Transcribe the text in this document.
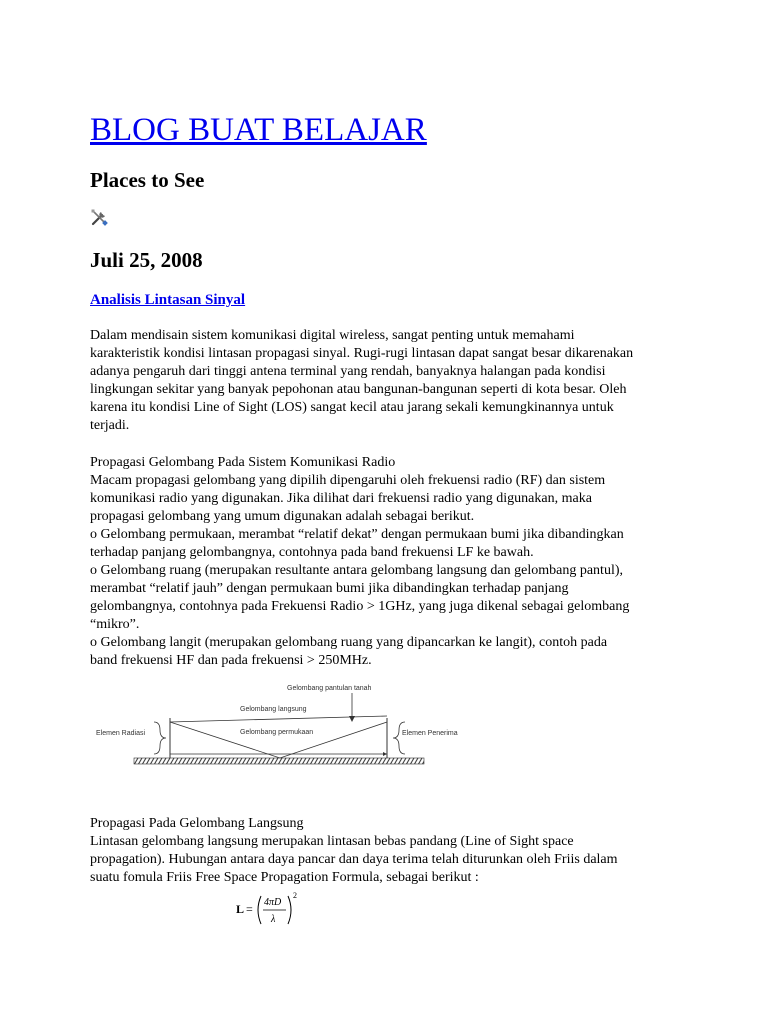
BLOG BUAT BELAJAR
Places to See
Juli 25, 2008
Analisis Lintasan Sinyal
Dalam mendisain sistem komunikasi digital wireless, sangat penting untuk memahami
karakteristik kondisi lintasan propagasi sinyal. Rugi-rugi lintasan dapat sangat besar dikarenakan
adanya pengaruh dari tinggi antena terminal yang rendah, banyaknya halangan pada kondisi
lingkungan sekitar yang banyak pepohonan atau bangunan-bangunan seperti di kota besar. Oleh
karena itu kondisi Line of Sight (LOS) sangat kecil atau jarang sekali kemungkinannya untuk
terjadi.
Propagasi Gelombang Pada Sistem Komunikasi Radio
Macam propagasi gelombang yang dipilih dipengaruhi oleh frekuensi radio (RF) dan sistem
komunikasi radio yang digunakan. Jika dilihat dari frekuensi radio yang digunakan, maka
propagasi gelombang yang umum digunakan adalah sebagai berikut.
o Gelombang permukaan, merambat “relatif dekat” dengan permukaan bumi jika dibandingkan
terhadap panjang gelombangnya, contohnya pada band frekuensi LF ke bawah.
o Gelombang ruang (merupakan resultante antara gelombang langsung dan gelombang pantul),
merambat “relatif jauh” dengan permukaan bumi jika dibandingkan terhadap panjang
gelombangnya, contohnya pada Frekuensi Radio > 1GHz, yang juga dikenal sebagai gelombang
“mikro”.
o Gelombang langit (merupakan gelombang ruang yang dipancarkan ke langit), contoh pada
band frekuensi HF dan pada frekuensi > 250MHz.
Gelombang pantulan tanah
Gelombang langsung
Gelombang permukaan
Elemen Radiasi	Elemen Penerima
Propagasi Pada Gelombang Langsung
Lintasan gelombang langsung merupakan lintasan bebas pandang (Line of Sight space
propagation). Hubungan antara daya pancar dan daya terima telah diturunkan oleh Friis dalam
suatu fomula Friis Free Space Propagation Formula, sebagai berikut :
L = 4πD
λ
2
